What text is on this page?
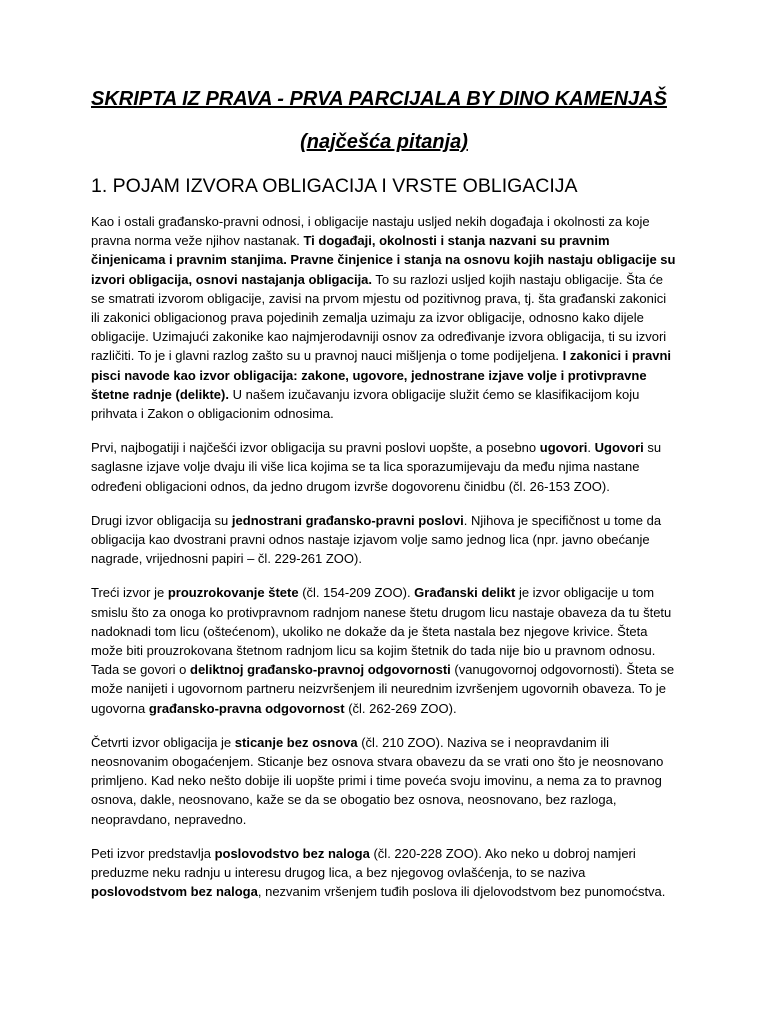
SKRIPTA IZ PRAVA - PRVA PARCIJALA BY DINO KAMENJAŠ
(najčešća pitanja)
1. POJAM IZVORA OBLIGACIJA I VRSTE OBLIGACIJA

Kao i ostali građansko-pravni odnosi, i obligacije nastaju usljed nekih događaja i okolnosti za koje pravna norma veže njihov nastanak. Ti događaji, okolnosti i stanja nazvani su pravnim činjenicama i pravnim stanjima. Pravne činjenice i stanja na osnovu kojih nastaju obligacije su izvori obligacija, osnovi nastajanja obligacija. To su razlozi usljed kojih nastaju obligacije. Šta će se smatrati izvorom obligacije, zavisi na prvom mjestu od pozitivnog prava, tj. šta građanski zakonici ili zakonici obligacionog prava pojedinih zemalja uzimaju za izvor obligacije, odnosno kako dijele obligacije. Uzimajući zakonike kao najmjerodavniji osnov za određivanje izvora obligacija, ti su izvori različiti. To je i glavni razlog zašto su u pravnoj nauci mišljenja o tome podijeljena. I zakonici i pravni pisci navode kao izvor obligacija: zakone, ugovore, jednostrane izjave volje i protivpravne štetne radnje (delikte). U našem izučavanju izvora obligacije služit ćemo se klasifikacijom koju prihvata i Zakon o obligacionim odnosima.

Prvi, najbogatiji i najčešći izvor obligacija su pravni poslovi uopšte, a posebno ugovori. Ugovori su saglasne izjave volje dvaju ili više lica kojima se ta lica sporazumijevaju da među njima nastane određeni obligacioni odnos, da jedno drugom izvrše dogovorenu činidbu (čl. 26-153 ZOO).

Drugi izvor obligacija su jednostrani građansko-pravni poslovi. Njihova je specifičnost u tome da obligacija kao dvostrani pravni odnos nastaje izjavom volje samo jednog lica (npr. javno obećanje nagrade, vrijednosni papiri – čl. 229-261 ZOO).

Treći izvor je prouzrokovanje štete (čl. 154-209 ZOO). Građanski delikt je izvor obligacije u tom smislu što za onoga ko protivpravnom radnjom nanese štetu drugom licu nastaje obaveza da tu štetu nadoknadi tom licu (oštećenom), ukoliko ne dokaže da je šteta nastala bez njegove krivice. Šteta može biti prouzrokovana štetnom radnjom licu sa kojim štetnik do tada nije bio u pravnom odnosu. Tada se govori o deliktnoj građansko-pravnoj odgovornosti (vanugovornoj odgovornosti). Šteta se može nanijeti i ugovornom partneru neizvršenjem ili neurednim izvršenjem ugovornih obaveza. To je ugovorna građansko-pravna odgovornost (čl. 262-269 ZOO).

Četvrti izvor obligacija je sticanje bez osnova (čl. 210 ZOO). Naziva se i neopravdanim ili neosnovanim obogaćenjem. Sticanje bez osnova stvara obavezu da se vrati ono što je neosnovano primljeno. Kad neko nešto dobije ili uopšte primi i time poveća svoju imovinu, a nema za to pravnog osnova, dakle, neosnovano, kaže se da se obogatio bez osnova, neosnovano, bez razloga, neopravdano, nepravedno.

Peti izvor predstavlja poslovodstvo bez naloga (čl. 220-228 ZOO). Ako neko u dobroj namjeri preduzme neku radnju u interesu drugog lica, a bez njegovog ovlašćenja, to se naziva poslovodstvom bez naloga, nezvanim vršenjem tuđih poslova ili djelovodstvom bez punomoćstva.
